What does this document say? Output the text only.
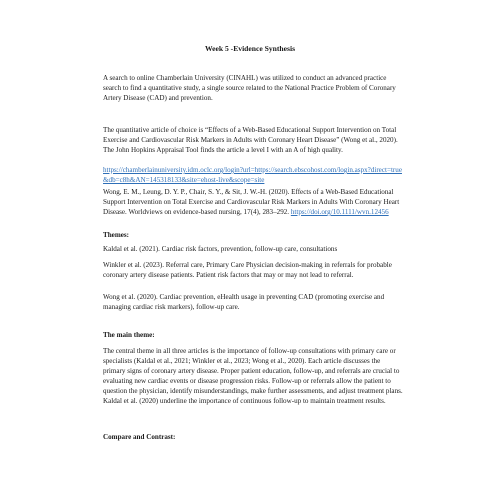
Week 5 -Evidence Synthesis

A search to online Chamberlain University (CINAHL) was utilized to conduct an advanced practice search to find a quantitative study, a single source related to the National Practice Problem of Coronary Artery Disease (CAD) and prevention.

The quantitative article of choice is “Effects of a Web-Based Educational Support Intervention on Total Exercise and Cardiovascular Risk Markers in Adults with Coronary Heart Disease” (Wong et al., 2020). The John Hopkins Appraisal Tool finds the article a level I with an A of high quality.

https://chamberlainuniversity.idm.oclc.org/login?url=https://search.ebscohost.com/login.aspx?direct=true&db=c8h&AN=145318133&site=ehost-live&scope=site

Wong, E. M., Leung, D. Y. P., Chair, S. Y., & Sit, J. W.-H. (2020). Effects of a Web-Based Educational Support Intervention on Total Exercise and Cardiovascular Risk Markers in Adults With Coronary Heart Disease. Worldviews on evidence-based nursing, 17(4), 283–292. https://doi.org/10.1111/wvn.12456

Themes:

Kaldal et al. (2021). Cardiac risk factors, prevention, follow-up care, consultations

Winkler et al. (2023). Referral care, Primary Care Physician decision-making in referrals for probable coronary artery disease patients. Patient risk factors that may or may not lead to referral.

Wong et al. (2020). Cardiac prevention, eHealth usage in preventing CAD (promoting exercise and managing cardiac risk markers), follow-up care.

The main theme:

The central theme in all three articles is the importance of follow-up consultations with primary care or specialists (Kaldal et al., 2021; Winkler et al., 2023; Wong et al., 2020). Each article discusses the primary signs of coronary artery disease. Proper patient education, follow-up, and referrals are crucial to evaluating new cardiac events or disease progression risks. Follow-up or referrals allow the patient to question the physician, identify misunderstandings, make further assessments, and adjust treatment plans. Kaldal et al. (2020) underline the importance of continuous follow-up to maintain treatment results.

Compare and Contrast:
